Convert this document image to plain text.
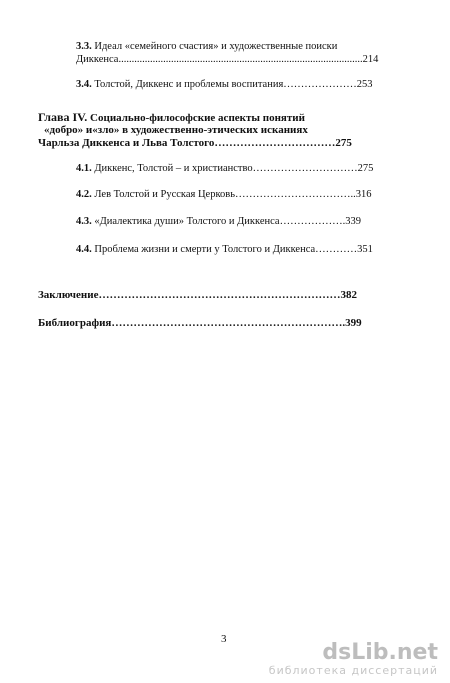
3.3. Идеал «семейного счастия» и художественные поиски
Диккенса.............................................................................................214
3.4. Толстой, Диккенс и проблемы воспитания…………………253
Глава IV. Социально-философские аспекты понятий
«добро» и«зло» в художественно-этических исканиях
Чарльза Диккенса и Льва Толстого……………………………275
4.1. Диккенс, Толстой – и христианство…………………………275
4.2. Лев Толстой и Русская Церковь……………………………..316
4.3. «Диалектика души» Толстого и Диккенса……………….339
4.4. Проблема жизни и смерти у Толстого и Диккенса…………351
Заключение…………………………………………………………382
Библиография……………………………………………………….399
3
dsLib.net
библиотека диссертаций
